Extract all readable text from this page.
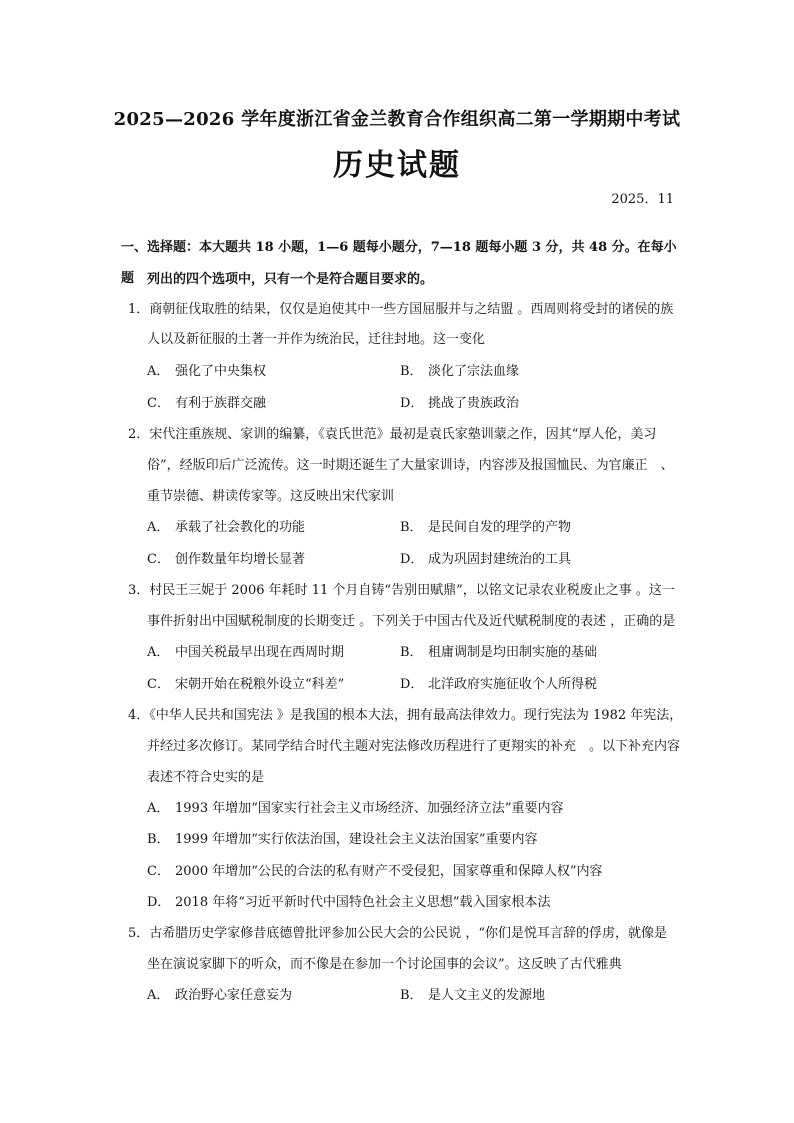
2025—2026 学年度浙江省金兰教育合作组织高二第一学期期中考试
历史试题
2025．11
一、选择题：本大题共 18 小题，1—6 题每小题分，7—18 题每小题 3 分，共 48 分。在每小题 列出的四个选项中，只有一个是符合题目要求的。
1．商朝征伐取胜的结果，仅仅是迫使其中一些方国屈服并与之结盟 。西周则将受封的诸侯的族
人以及新征服的土著一并作为统治民，迁往封地。这一变化
A． 强化了中央集权	B． 淡化了宗法血缘
C． 有利于族群交融	D． 挑战了贵族政治
2．宋代注重族规、家训的编纂，《袁氏世范》最初是袁氏家塾训蒙之作，因其“厚人伦，美习
俗”，经版印后广泛流传。这一时期还诞生了大量家训诗，内容涉及报国恤民、为官廉正　、
重节崇德、耕读传家等。这反映出宋代家训
A． 承载了社会教化的功能	B． 是民间自发的理学的产物
C． 创作数量年均增长显著	D． 成为巩固封建统治的工具
3．村民王三妮于 2006 年耗时 11 个月自铸“告别田赋鼎”，以铭文记录农业税废止之事 。这一
事件折射出中国赋税制度的长期变迁 。下列关于中国古代及近代赋税制度的表述 ，正确的是
A． 中国关税最早出现在西周时期	B． 租庸调制是均田制实施的基础
C． 宋朝开始在税粮外设立“科差”	D． 北洋政府实施征收个人所得税
4．《中华人民共和国宪法 》是我国的根本大法，拥有最高法律效力。现行宪法为 1982 年宪法，
并经过多次修订。某同学结合时代主题对宪法修改历程进行了更翔实的补充　。以下补充内容
表述不符合史实的是
A． 1993 年增加“国家实行社会主义市场经济、加强经济立法”重要内容
B． 1999 年增加“实行依法治国，建设社会主义法治国家”重要内容
C． 2000 年增加“公民的合法的私有财产不受侵犯，国家尊重和保障人权”内容
D． 2018 年将“习近平新时代中国特色社会主义思想”载入国家根本法
5．古希腊历史学家修昔底德曾批评参加公民大会的公民说 ，“你们是悦耳言辞的俘虏，就像是
坐在演说家脚下的听众，而不像是在参加一个讨论国事的会议”。这反映了古代雅典
A． 政治野心家任意妄为	B． 是人文主义的发源地
